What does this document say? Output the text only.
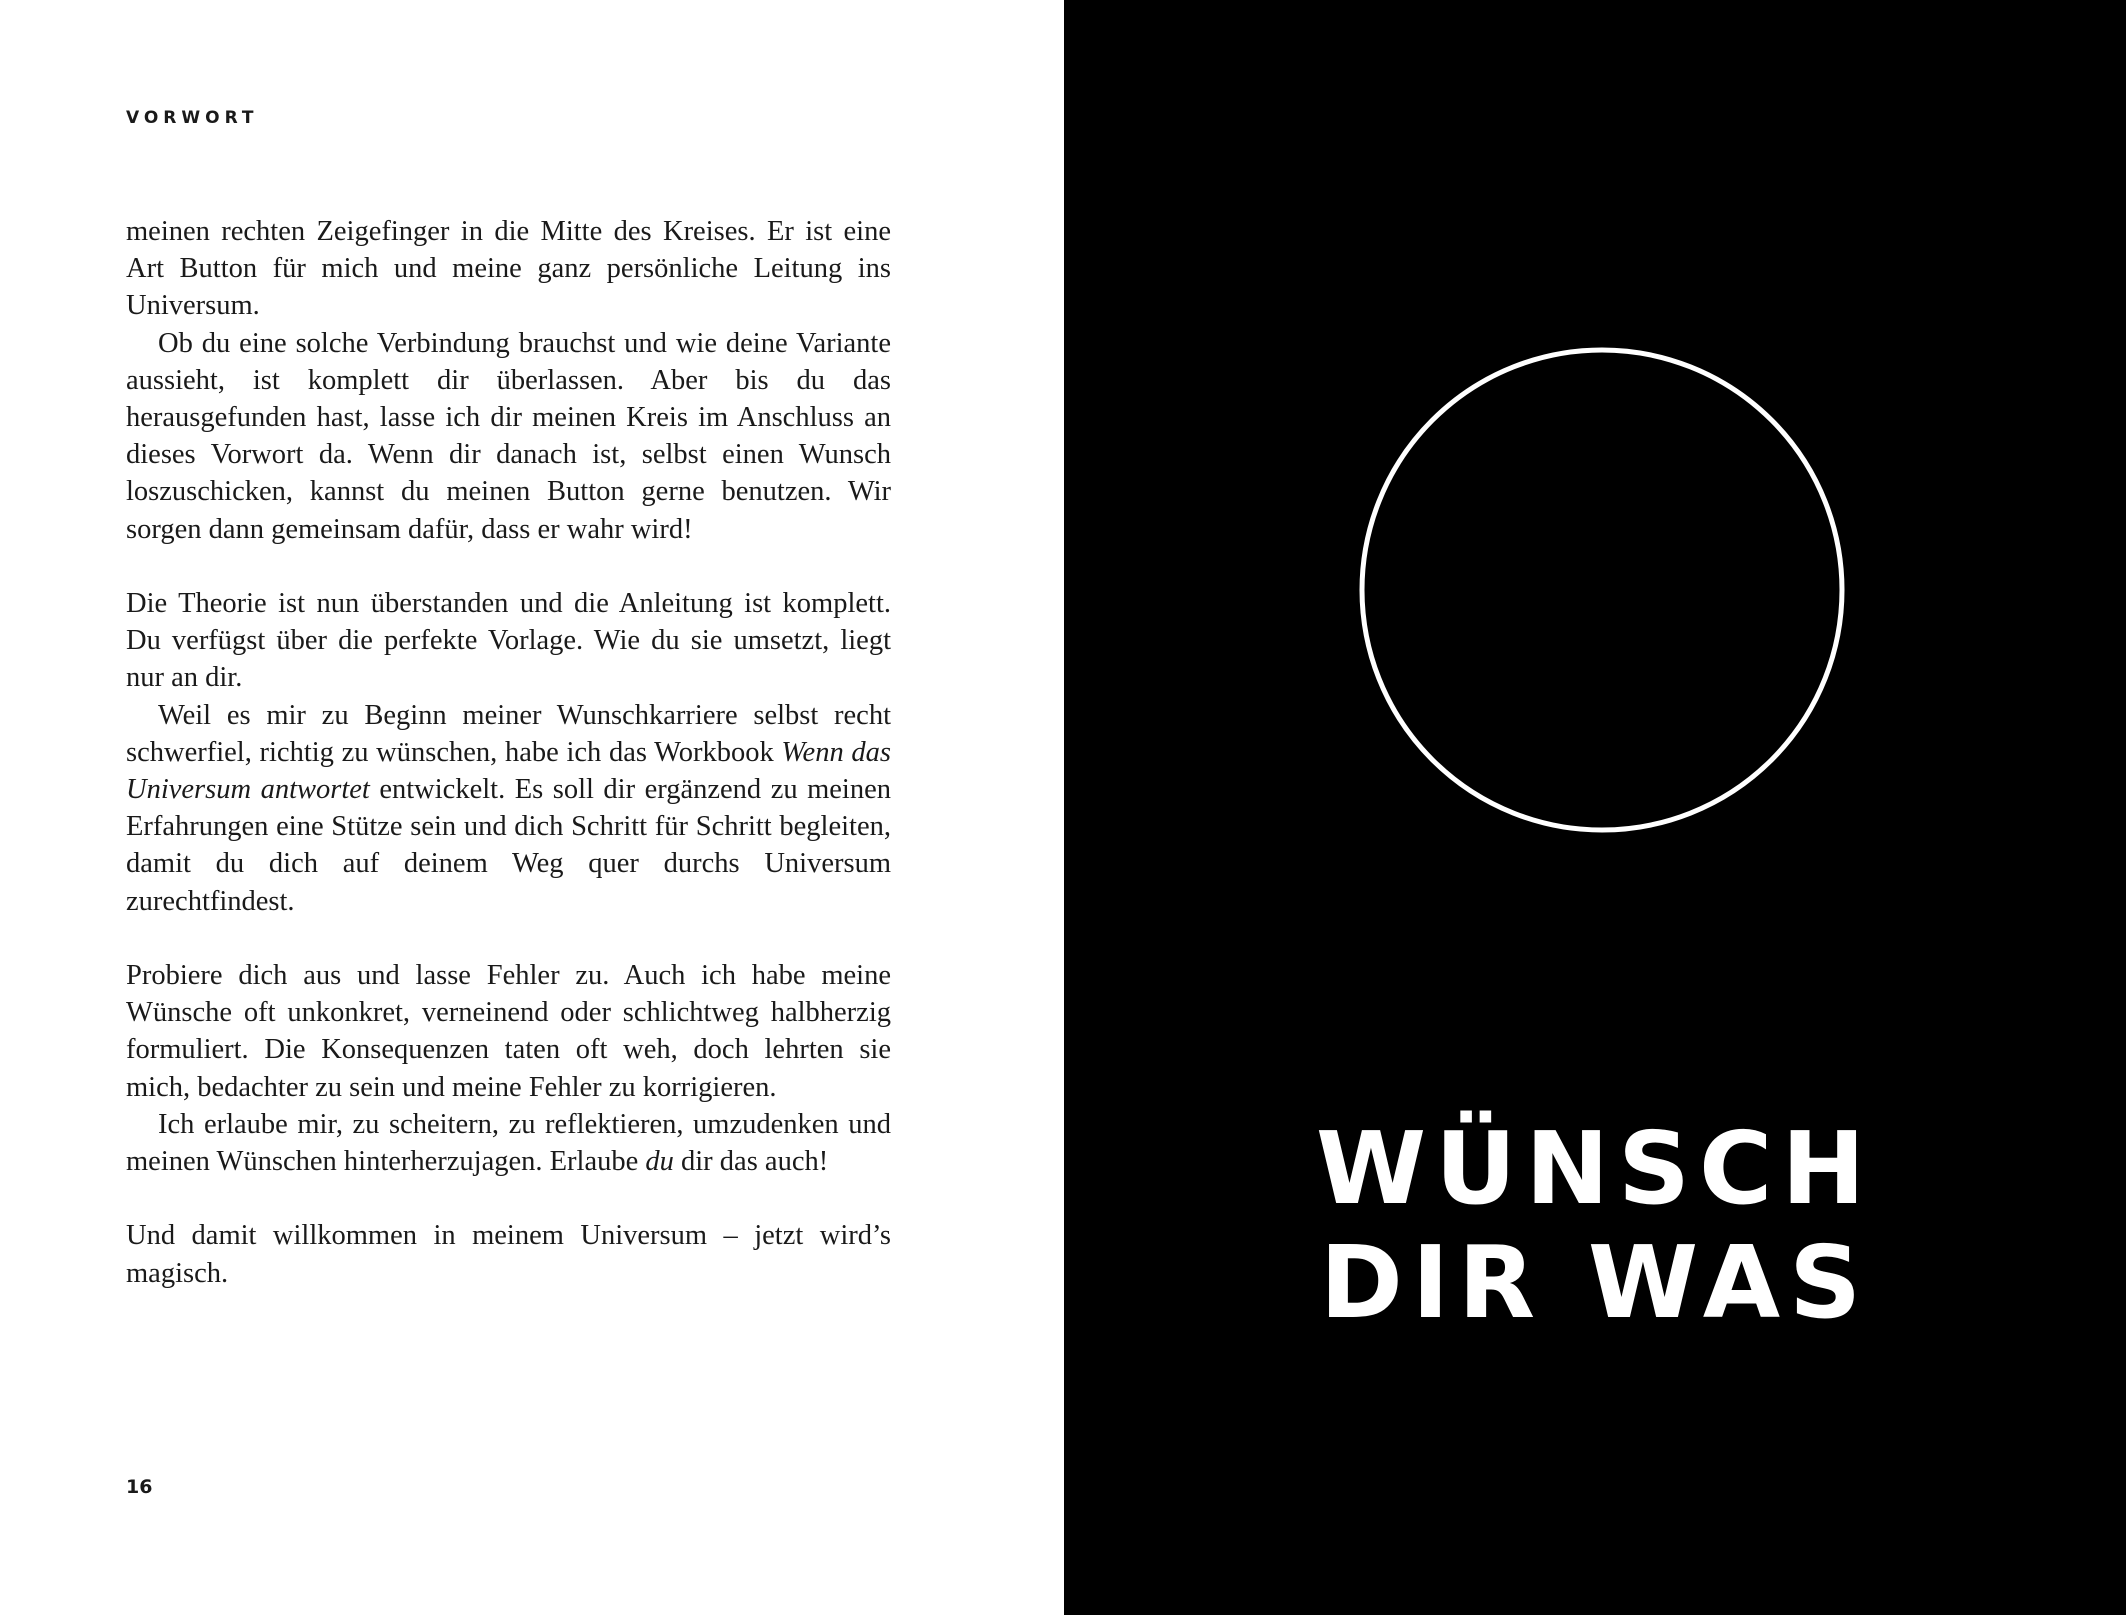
VORWORT

meinen rechten Zeigefinger in die Mitte des Kreises. Er ist eine Art Button für mich und meine ganz persönliche Leitung ins Universum.

Ob du eine solche Verbindung brauchst und wie deine Variante aussieht, ist komplett dir überlassen. Aber bis du das herausgefunden hast, lasse ich dir meinen Kreis im Anschluss an dieses Vorwort da. Wenn dir danach ist, selbst einen Wunsch loszuschicken, kannst du meinen Button gerne benutzen. Wir sorgen dann gemeinsam dafür, dass er wahr wird!

Die Theorie ist nun überstanden und die Anleitung ist komplett. Du verfügst über die perfekte Vorlage. Wie du sie umsetzt, liegt nur an dir.

Weil es mir zu Beginn meiner Wunschkarriere selbst recht schwerfiel, richtig zu wünschen, habe ich das Workbook Wenn das Universum antwortet entwickelt. Es soll dir ergänzend zu meinen Erfahrungen eine Stütze sein und dich Schritt für Schritt begleiten, damit du dich auf deinem Weg quer durchs Universum zurechtfindest.

Probiere dich aus und lasse Fehler zu. Auch ich habe meine Wünsche oft unkonkret, verneinend oder schlichtweg halbherzig formuliert. Die Konsequenzen taten oft weh, doch lehrten sie mich, bedachter zu sein und meine Fehler zu korrigieren.

Ich erlaube mir, zu scheitern, zu reflektieren, umzudenken und meinen Wünschen hinterherzujagen. Erlaube du dir das auch!

Und damit willkommen in meinem Universum – jetzt wird’s magisch.

16
WÜNSCH
DIR WAS
